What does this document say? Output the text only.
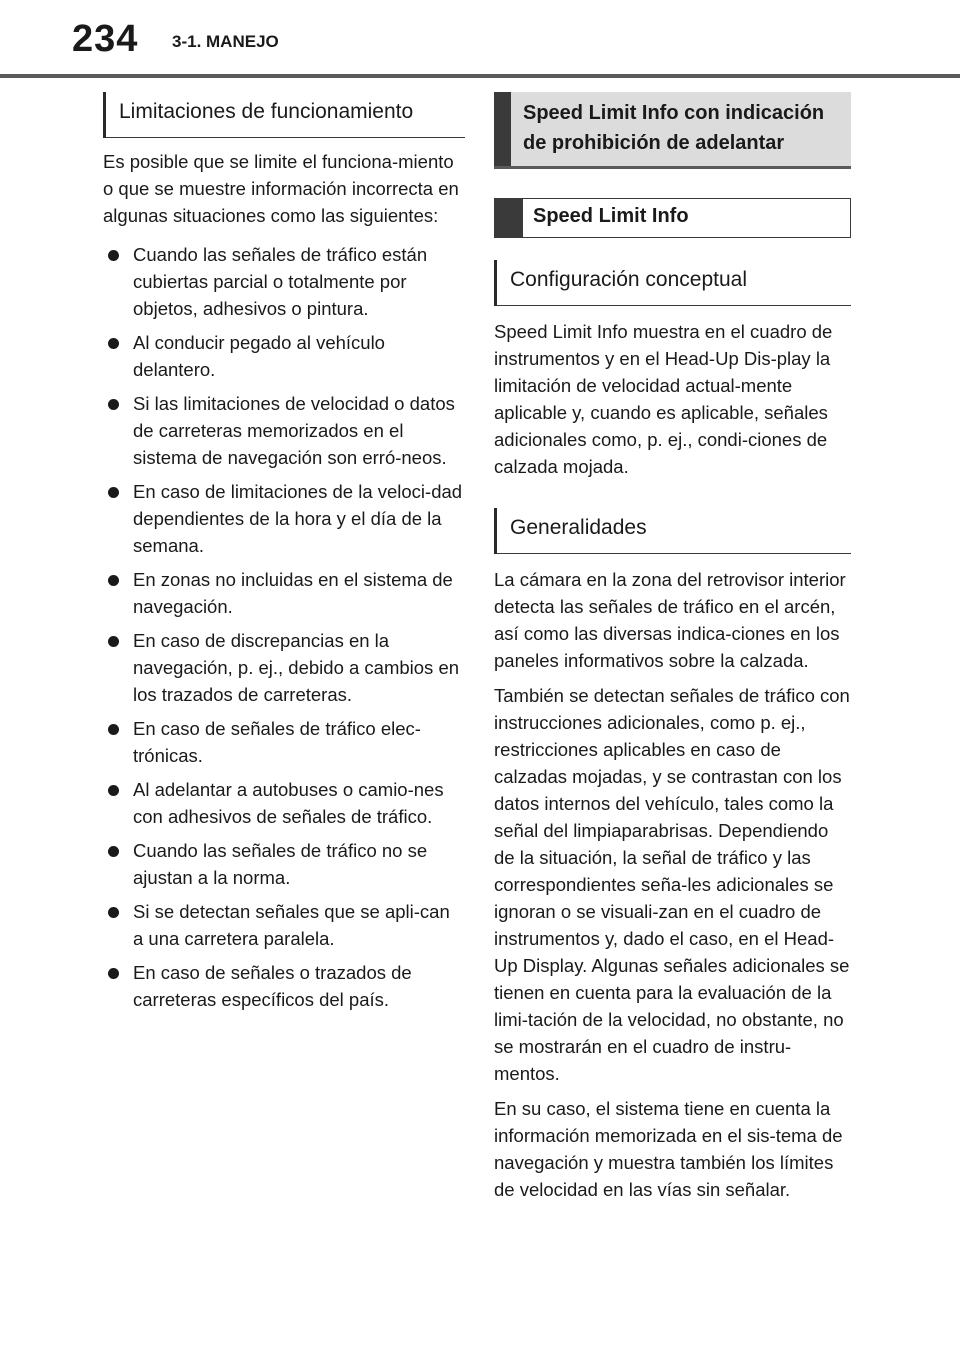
234 3-1. MANEJO
Limitaciones de funcionamiento

Es posible que se limite el funciona-miento o que se muestre información incorrecta en algunas situaciones como las siguientes:

Cuando las señales de tráfico están cubiertas parcial o totalmente por objetos, adhesivos o pintura.
Al conducir pegado al vehículo delantero.
Si las limitaciones de velocidad o datos de carreteras memorizados en el sistema de navegación son erró-neos.
En caso de limitaciones de la veloci-dad dependientes de la hora y el día de la semana.
En zonas no incluidas en el sistema de navegación.
En caso de discrepancias en la navegación, p. ej., debido a cambios en los trazados de carreteras.
En caso de señales de tráfico elec-trónicas.
Al adelantar a autobuses o camio-nes con adhesivos de señales de tráfico.
Cuando las señales de tráfico no se ajustan a la norma.
Si se detectan señales que se apli-can a una carretera paralela.
En caso de señales o trazados de carreteras específicos del país.
Speed Limit Info con indicación de prohibición de adelantar
Speed Limit Info
Configuración conceptual

Speed Limit Info muestra en el cuadro de instrumentos y en el Head-Up Dis-play la limitación de velocidad actual-mente aplicable y, cuando es aplicable, señales adicionales como, p. ej., condi-ciones de calzada mojada.

Generalidades

La cámara en la zona del retrovisor interior detecta las señales de tráfico en el arcén, así como las diversas indica-ciones en los paneles informativos sobre la calzada.

También se detectan señales de tráfico con instrucciones adicionales, como p. ej., restricciones aplicables en caso de calzadas mojadas, y se contrastan con los datos internos del vehículo, tales como la señal del limpiaparabrisas. Dependiendo de la situación, la señal de tráfico y las correspondientes seña-les adicionales se ignoran o se visuali-zan en el cuadro de instrumentos y, dado el caso, en el Head-Up Display. Algunas señales adicionales se tienen en cuenta para la evaluación de la limi-tación de la velocidad, no obstante, no se mostrarán en el cuadro de instru-mentos.

En su caso, el sistema tiene en cuenta la información memorizada en el sis-tema de navegación y muestra también los límites de velocidad en las vías sin señalar.
